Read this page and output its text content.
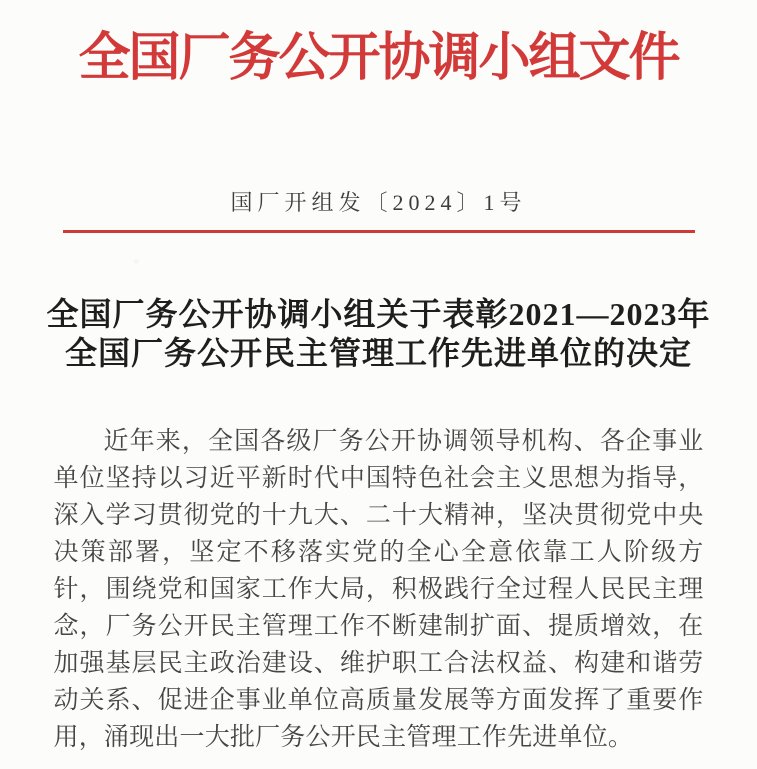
全国厂务公开协调小组文件
国厂开组发〔2024〕1号
全国厂务公开协调小组关于表彰2021—2023年
全国厂务公开民主管理工作先进单位的决定

近年来，全国各级厂务公开协调领导机构、各企事业单位坚持以习近平新时代中国特色社会主义思想为指导，深入学习贯彻党的十九大、二十大精神，坚决贯彻党中央决策部署，坚定不移落实党的全心全意依靠工人阶级方针，围绕党和国家工作大局，积极践行全过程人民民主理念，厂务公开民主管理工作不断建制扩面、提质增效，在加强基层民主政治建设、维护职工合法权益、构建和谐劳动关系、促进企事业单位高质量发展等方面发挥了重要作用，涌现出一大批厂务公开民主管理工作先进单位。
